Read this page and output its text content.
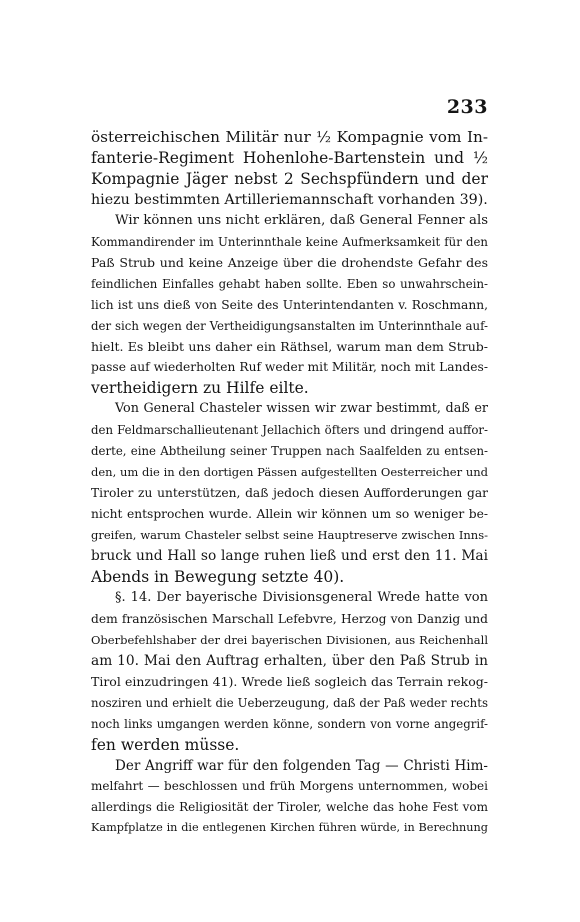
233
österreichischen Militär nur ½ Kompagnie vom In-
fanterie-Regiment Hohenlohe-Bartenstein und ½
Kompagnie Jäger nebst 2 Sechspfündern und der
hiezu bestimmten Artilleriemannschaft vorhanden 39).
Wir können uns nicht erklären, daß General Fenner als
Kommandirender im Unterinnthale keine Aufmerksamkeit für den
Paß Strub und keine Anzeige über die drohendste Gefahr des
feindlichen Einfalles gehabt haben sollte. Eben so unwahrschein-
lich ist uns dieß von Seite des Unterintendanten v. Roschmann,
der sich wegen der Vertheidigungsanstalten im Unterinnthale auf-
hielt. Es bleibt uns daher ein Räthsel, warum man dem Strub-
passe auf wiederholten Ruf weder mit Militär, noch mit Landes-
vertheidigern zu Hilfe eilte.
Von General Chasteler wissen wir zwar bestimmt, daß er
den Feldmarschallieutenant Jellachich öfters und dringend auffor-
derte, eine Abtheilung seiner Truppen nach Saalfelden zu entsen-
den, um die in den dortigen Pässen aufgestellten Oesterreicher und
Tiroler zu unterstützen, daß jedoch diesen Aufforderungen gar
nicht entsprochen wurde. Allein wir können um so weniger be-
greifen, warum Chasteler selbst seine Hauptreserve zwischen Inns-
bruck und Hall so lange ruhen ließ und erst den 11. Mai
Abends in Bewegung setzte 40).
§. 14. Der bayerische Divisionsgeneral Wrede hatte von
dem französischen Marschall Lefebvre, Herzog von Danzig und
Oberbefehlshaber der drei bayerischen Divisionen, aus Reichenhall
am 10. Mai den Auftrag erhalten, über den Paß Strub in
Tirol einzudringen 41). Wrede ließ sogleich das Terrain rekog-
nosziren und erhielt die Ueberzeugung, daß der Paß weder rechts
noch links umgangen werden könne, sondern von vorne angegrif-
fen werden müsse.
Der Angriff war für den folgenden Tag — Christi Him-
melfahrt — beschlossen und früh Morgens unternommen, wobei
allerdings die Religiosität der Tiroler, welche das hohe Fest vom
Kampfplatze in die entlegenen Kirchen führen würde, in Berechnung
